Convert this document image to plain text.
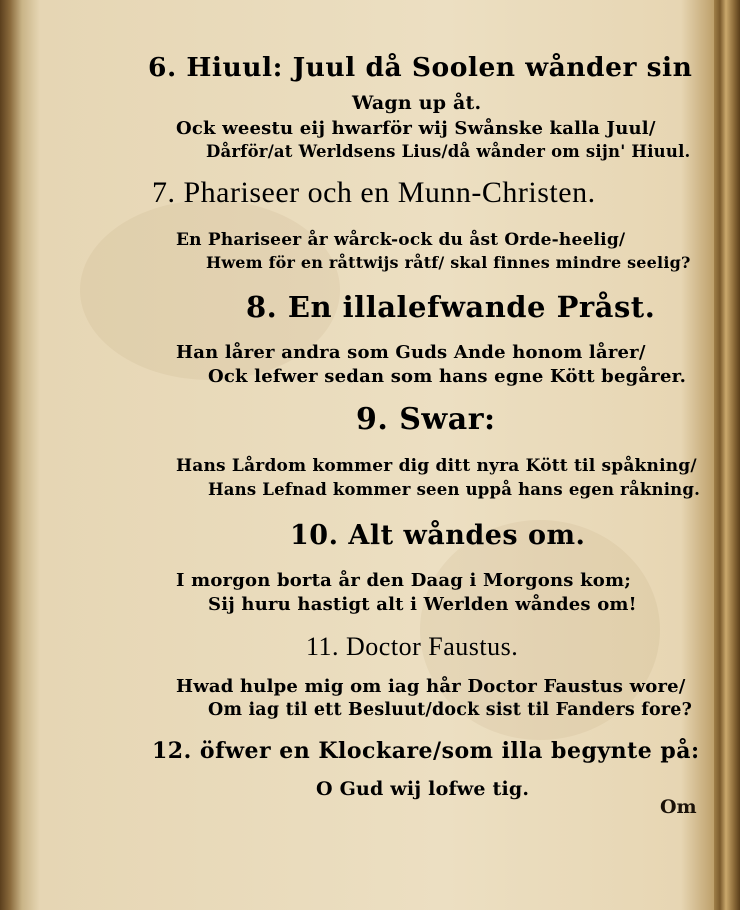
6. Hiuul: Juul då Soolen wånder sin
Wagn up åt.
Ock weestu eij hwarför wij Swånske kalla Juul/
Dårför/at Werldsens Lius/då wånder om sijn' Hiuul.
7. Phariseer och en Munn-Christen.
En Phariseer år wårck-ock du åst Orde-heelig/
Hwem för en råttwijs råtf/ skal finnes mindre seelig?
8. En illalefwande Pråst.
Han lårer andra som Guds Ande honom lårer/
Ock lefwer sedan som hans egne Kött begårer.
9. Swar:
Hans Lårdom kommer dig ditt nyra Kött til spåkning/
Hans Lefnad kommer seen uppå hans egen råkning.
10. Alt wåndes om.
I morgon borta år den Daag i Morgons kom;
Sij huru hastigt alt i Werlden wåndes om!
11. Doctor Faustus.
Hwad hulpe mig om iag hår Doctor Faustus wore/
Om iag til ett Besluut/dock sist til Fanders fore?
12. öfwer en Klockare/som illa begynte på:
O Gud wij lofwe tig.
Om
